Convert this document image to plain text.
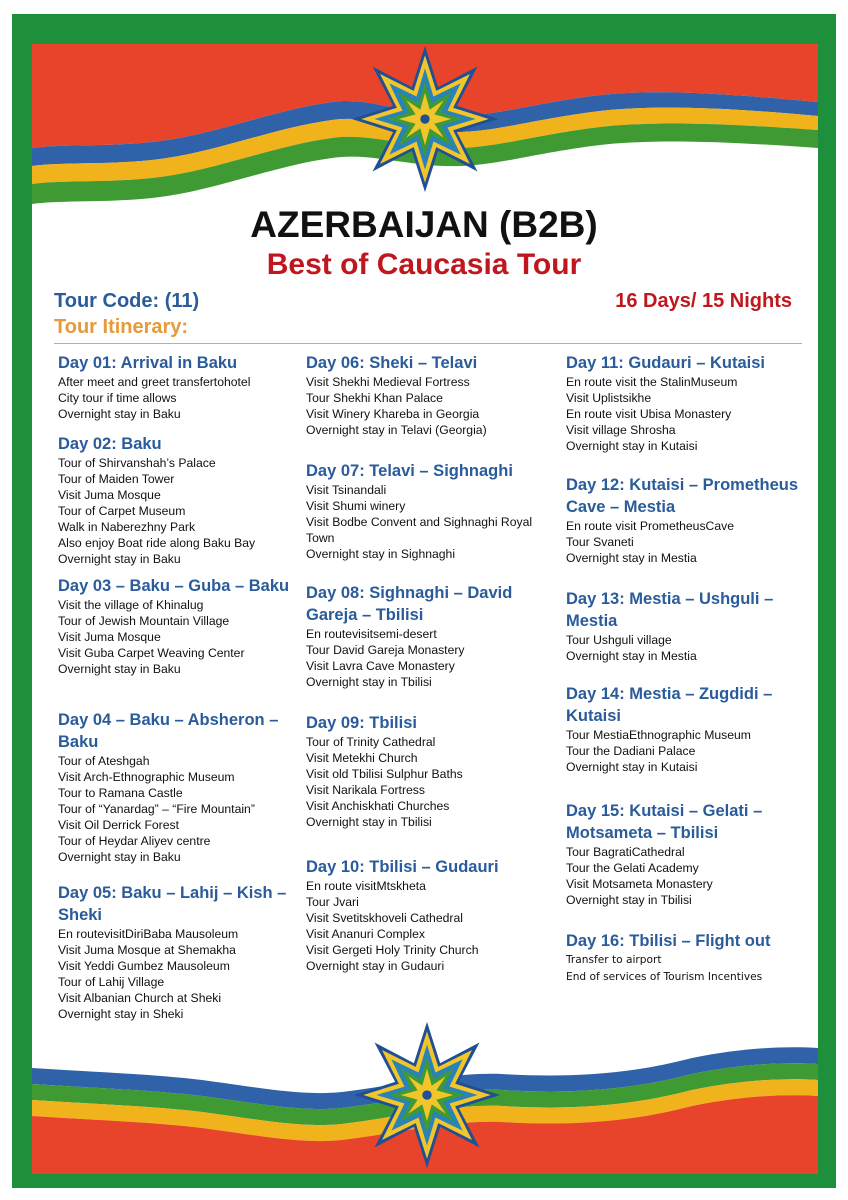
AZERBAIJAN (B2B)
Best of Caucasia Tour
Tour Code: (11)
Tour Itinerary:
16 Days/ 15 Nights
Day 01: Arrival in Baku
After meet and greet transfertohotel
City tour if time allows
Overnight stay in Baku
Day 02: Baku
Tour of Shirvanshah’s Palace
Tour of Maiden Tower
Visit Juma Mosque
Tour of Carpet Museum
Walk in Naberezhny Park
Also enjoy Boat ride along Baku Bay
Overnight stay in Baku
Day 03 – Baku – Guba – Baku
Visit the village of Khinalug
Tour of Jewish Mountain Village
Visit Juma Mosque
Visit Guba Carpet Weaving Center
Overnight stay in Baku
Day 04 – Baku – Absheron – Baku
Tour of Ateshgah
Visit Arch-Ethnographic Museum
Tour to Ramana Castle
Tour of “Yanardag” – “Fire Mountain”
Visit Oil Derrick Forest
Tour of Heydar Aliyev centre
Overnight stay in Baku
Day 05: Baku – Lahij – Kish – Sheki
En routevisitDiriBaba Mausoleum
Visit Juma Mosque at Shemakha
Visit Yeddi Gumbez Mausoleum
Tour of Lahij Village
Visit Albanian Church at Sheki
Overnight stay in Sheki
Day 06: Sheki – Telavi
Visit Shekhi Medieval Fortress
Tour Shekhi Khan Palace
Visit Winery Khareba in Georgia
Overnight stay in Telavi (Georgia)
Day 07: Telavi – Sighnaghi
Visit Tsinandali
Visit Shumi winery
Visit Bodbe Convent and Sighnaghi Royal Town
Overnight stay in Sighnaghi
Day 08: Sighnaghi – David Gareja – Tbilisi
En routevisitsemi-desert
Tour David Gareja Monastery
Visit Lavra Cave Monastery
Overnight stay in Tbilisi
Day 09: Tbilisi
Tour of Trinity Cathedral
Visit Metekhi Church
Visit old Tbilisi Sulphur Baths
Visit Narikala Fortress
Visit Anchiskhati Churches
Overnight stay in Tbilisi
Day 10: Tbilisi – Gudauri
En route visitMtskheta
Tour Jvari
Visit Svetitskhoveli Cathedral
Visit Ananuri Complex
Visit Gergeti Holy Trinity Church
Overnight stay in Gudauri
Day 11: Gudauri – Kutaisi
En route visit the StalinMuseum
Visit Uplistsikhe
En route visit Ubisa Monastery
Visit village Shrosha
Overnight stay in Kutaisi
Day 12: Kutaisi – Prometheus Cave – Mestia
En route visit PrometheusCave
Tour Svaneti
Overnight stay in Mestia
Day 13: Mestia – Ushguli – Mestia
Tour Ushguli village
Overnight stay in Mestia
Day 14: Mestia – Zugdidi – Kutaisi
Tour MestiaEthnographic Museum
Tour the Dadiani Palace
Overnight stay in Kutaisi
Day 15: Kutaisi – Gelati – Motsameta – Tbilisi
Tour BagratiCathedral
Tour the Gelati Academy
Visit Motsameta Monastery
Overnight stay in Tbilisi
Day 16: Tbilisi – Flight out
Transfer to airport
End of services of Tourism Incentives
